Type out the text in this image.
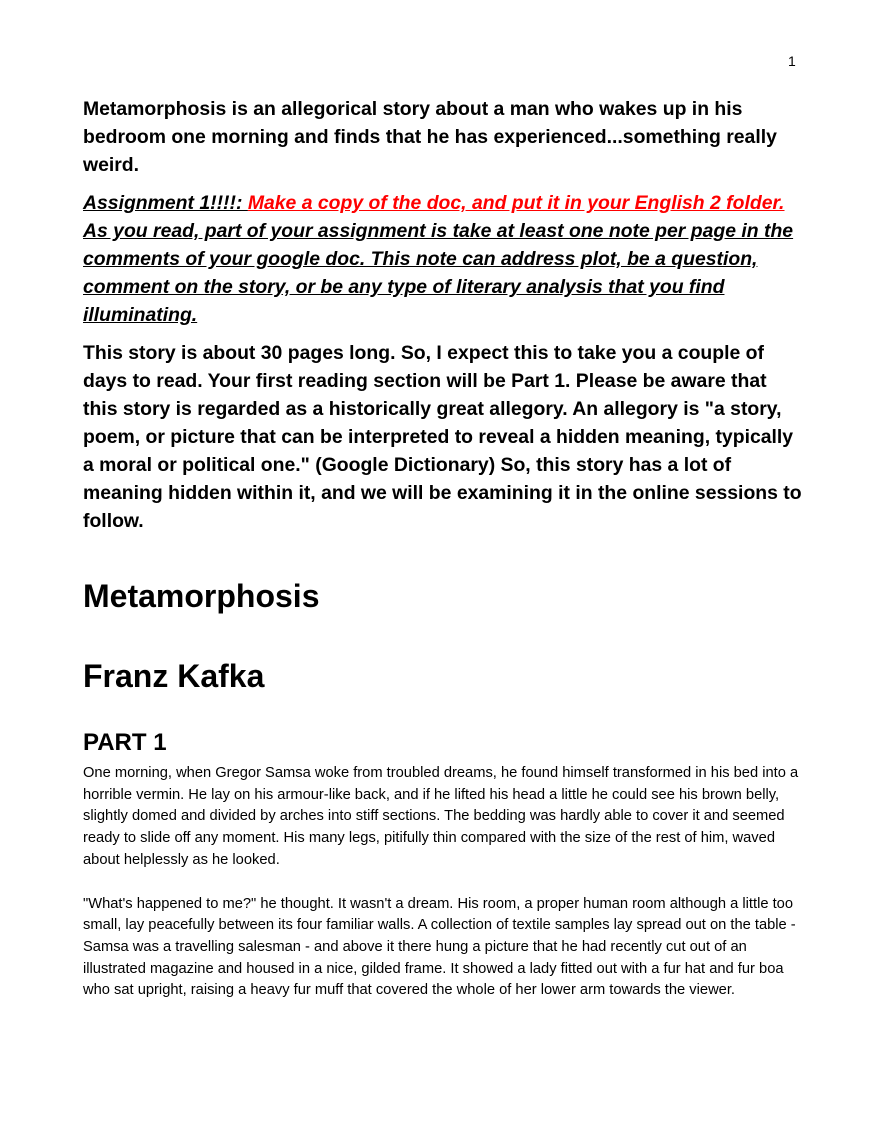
1

Metamorphosis is an allegorical story about a man who wakes up in his bedroom one morning and finds that he has experienced...something really weird.

Assignment 1!!!!: Make a copy of the doc, and put it in your English 2 folder. As you read, part of your assignment is take at least one note per page in the comments of your google doc. This note can address plot, be a question, comment on the story, or be any type of literary analysis that you find illuminating.

This story is about 30 pages long. So, I expect this to take you a couple of days to read. Your first reading section will be Part 1. Please be aware that this story is regarded as a historically great allegory. An allegory is "a story, poem, or picture that can be interpreted to reveal a hidden meaning, typically a moral or political one." (Google Dictionary) So, this story has a lot of meaning hidden within it, and we will be examining it in the online sessions to follow.

Metamorphosis
Franz Kafka
PART 1

One morning, when Gregor Samsa woke from troubled dreams, he found himself transformed in his bed into a horrible vermin. He lay on his armour-like back, and if he lifted his head a little he could see his brown belly, slightly domed and divided by arches into stiff sections. The bedding was hardly able to cover it and seemed ready to slide off any moment. His many legs, pitifully thin compared with the size of the rest of him, waved about helplessly as he looked.

"What's happened to me?" he thought. It wasn't a dream. His room, a proper human room although a little too small, lay peacefully between its four familiar walls. A collection of textile samples lay spread out on the table - Samsa was a travelling salesman - and above it there hung a picture that he had recently cut out of an illustrated magazine and housed in a nice, gilded frame. It showed a lady fitted out with a fur hat and fur boa who sat upright, raising a heavy fur muff that covered the whole of her lower arm towards the viewer.
